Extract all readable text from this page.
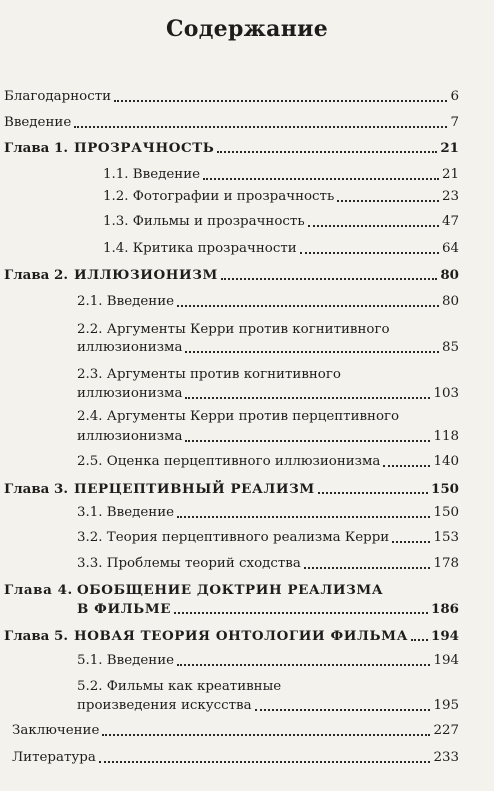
Содержание
Благодарности	6
Введение	7
Глава 1. ПРОЗРАЧНОСТЬ	21
1.1. Введение	21
1.2. Фотографии и прозрачность	23
1.3. Фильмы и прозрачность	47
1.4. Критика прозрачности	64
Глава 2. ИЛЛЮЗИОНИЗМ	80
2.1. Введение	80
2.2. Аргументы Керри против когнитивного
иллюзионизма	85
2.3. Аргументы против когнитивного
иллюзионизма	103
2.4. Аргументы Керри против перцептивного
иллюзионизма	118
2.5. Оценка перцептивного иллюзионизма	140
Глава 3. ПЕРЦЕПТИВНЫЙ РЕАЛИЗМ	150
3.1. Введение	150
3.2. Теория перцептивного реализма Керри	153
3.3. Проблемы теорий сходства	178
Глава 4. ОБОБЩЕНИЕ ДОКТРИН РЕАЛИЗМА
В ФИЛЬМЕ	186
Глава 5. НОВАЯ ТЕОРИЯ ОНТОЛОГИИ ФИЛЬМА 194
5.1. Введение	194
5.2. Фильмы как креативные
произведения искусства	195
Заключение	227
Литература	233
